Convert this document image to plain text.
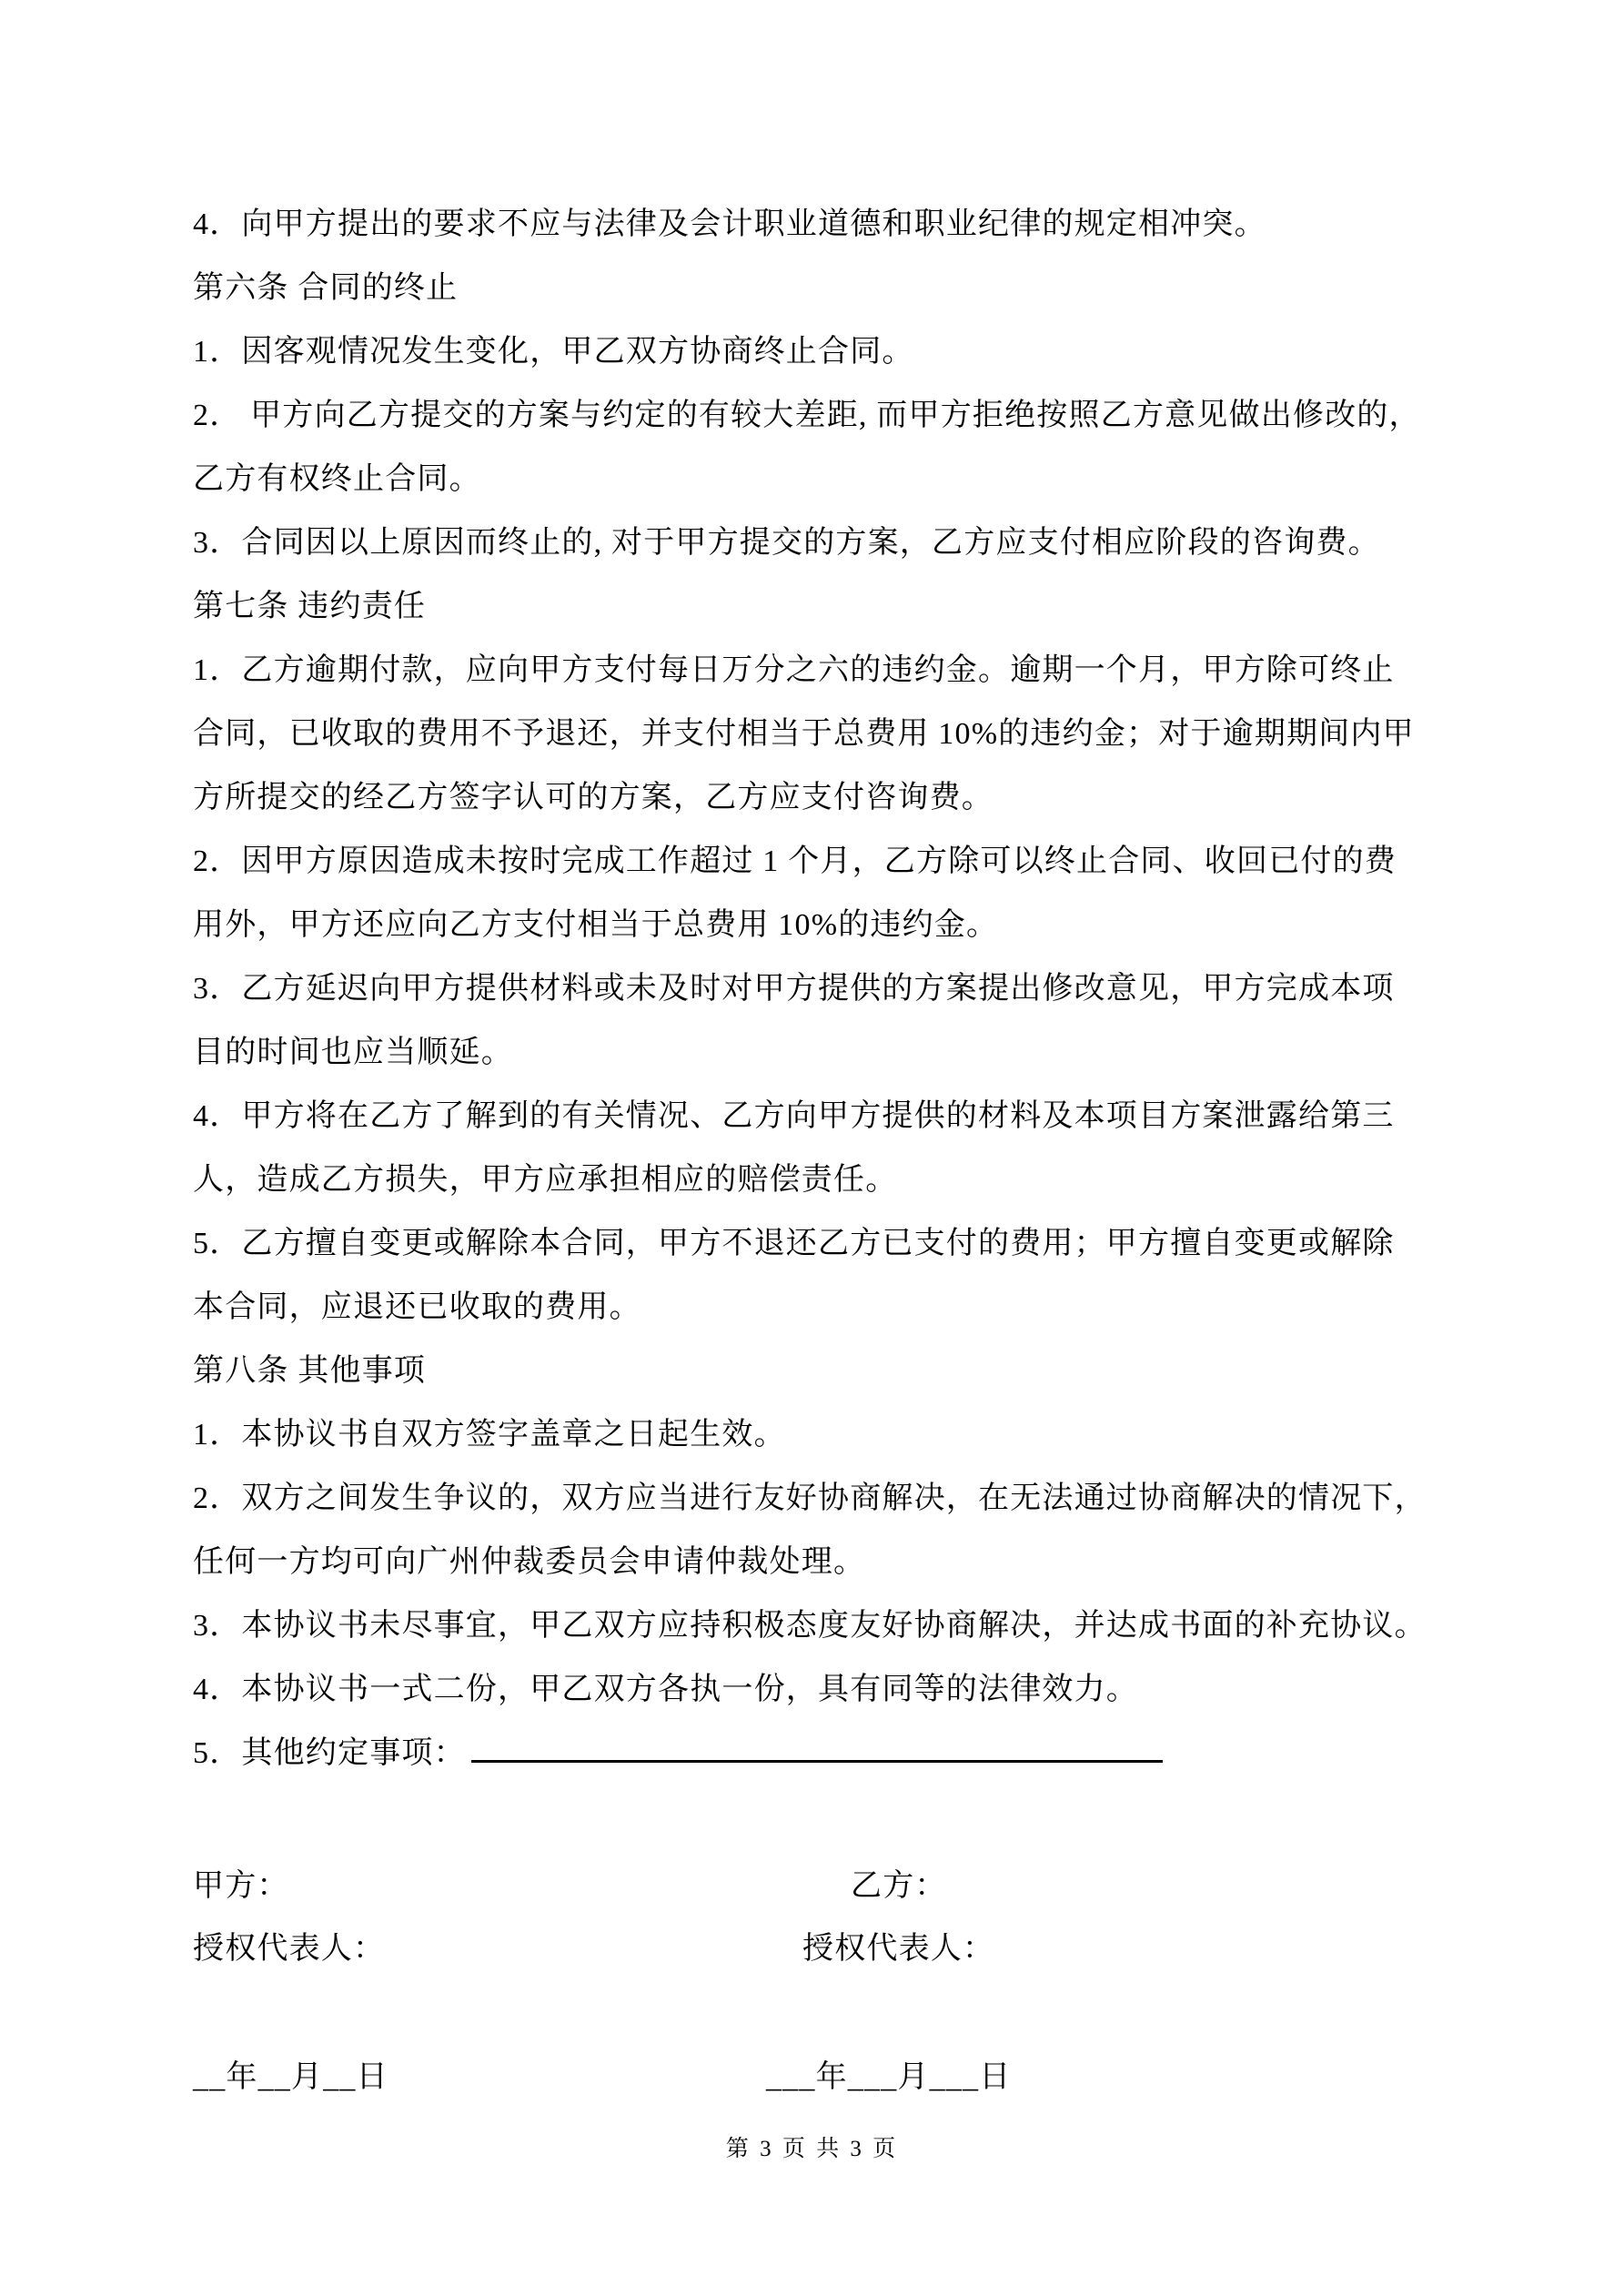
4．向甲方提出的要求不应与法律及会计职业道德和职业纪律的规定相冲突。
第六条 合同的终止
1．因客观情况发生变化，甲乙双方协商终止合同。
2． 甲方向乙方提交的方案与约定的有较大差距, 而甲方拒绝按照乙方意见做出修改的，
乙方有权终止合同。
3．合同因以上原因而终止的, 对于甲方提交的方案，乙方应支付相应阶段的咨询费。
第七条 违约责任
1．乙方逾期付款，应向甲方支付每日万分之六的违约金。逾期一个月，甲方除可终止
合同，已收取的费用不予退还，并支付相当于总费用 10%的违约金；对于逾期期间内甲
方所提交的经乙方签字认可的方案，乙方应支付咨询费。
2．因甲方原因造成未按时完成工作超过 1 个月，乙方除可以终止合同、收回已付的费
用外，甲方还应向乙方支付相当于总费用 10%的违约金。
3．乙方延迟向甲方提供材料或未及时对甲方提供的方案提出修改意见，甲方完成本项
目的时间也应当顺延。
4．甲方将在乙方了解到的有关情况、乙方向甲方提供的材料及本项目方案泄露给第三
人，造成乙方损失，甲方应承担相应的赔偿责任。
5．乙方擅自变更或解除本合同，甲方不退还乙方已支付的费用；甲方擅自变更或解除
本合同，应退还已收取的费用。
第八条 其他事项
1．本协议书自双方签字盖章之日起生效。
2．双方之间发生争议的，双方应当进行友好协商解决，在无法通过协商解决的情况下，
任何一方均可向广州仲裁委员会申请仲裁处理。
3．本协议书未尽事宜，甲乙双方应持积极态度友好协商解决，并达成书面的补充协议。
4．本协议书一式二份，甲乙双方各执一份，具有同等的法律效力。
5．其他约定事项：
甲方：	乙方：
授权代表人：	授权代表人：
__年__月__日	___年___月___日
第 3 页 共 3 页
